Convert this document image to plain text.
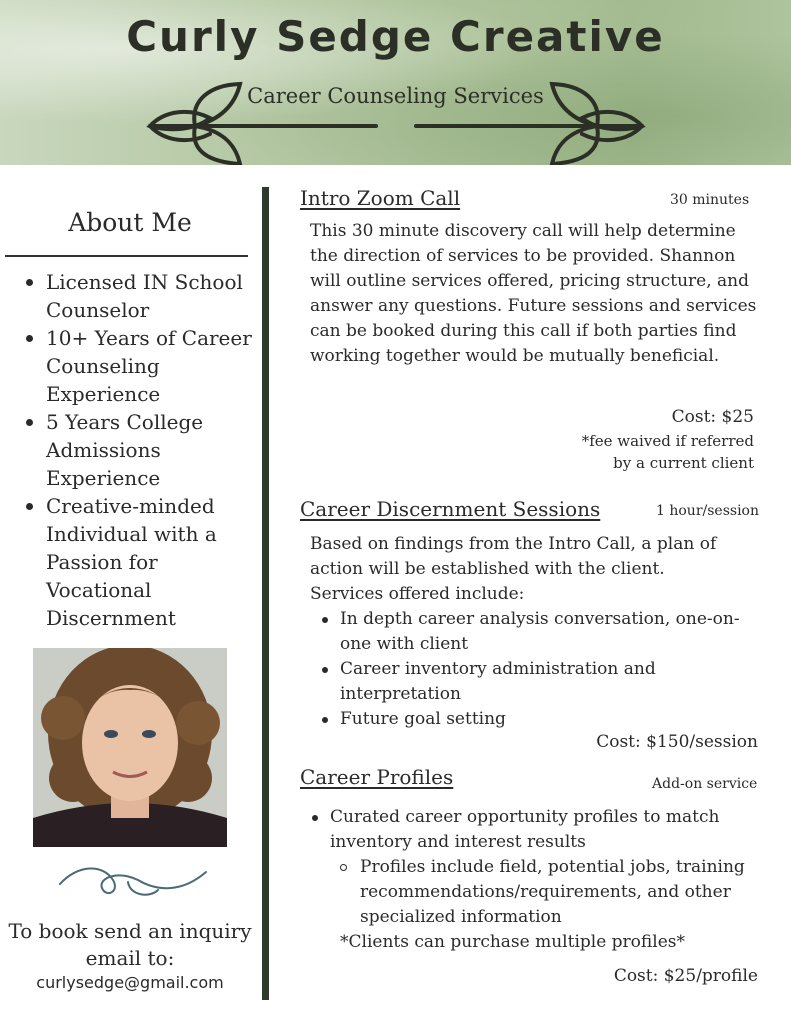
Curly Sedge Creative
Career Counseling Services
About Me
Licensed IN School Counselor
10+ Years of Career Counseling Experience
5 Years College Admissions Experience
Creative-minded Individual with a Passion for Vocational Discernment
To book send an inquiry email to:
curlysedge@gmail.com
Intro Zoom Call	30 minutes

This 30 minute discovery call will help determine the direction of services to be provided. Shannon will outline services offered, pricing structure, and answer any questions. Future sessions and services can be booked during this call if both parties find working together would be mutually beneficial.

Cost: $25
*fee waived if referred
by a current client
Career Discernment Sessions	1 hour/session

Based on findings from the Intro Call, a plan of action will be established with the client. Services offered include:

In depth career analysis conversation, one-on-one with client
Career inventory administration and interpretation
Future goal setting
Cost: $150/session
Career Profiles	Add-on service
Curated career opportunity profiles to match inventory and interest results
Profiles include field, potential jobs, training recommendations/requirements, and other specialized information
*Clients can purchase multiple profiles*
Cost: $25/profile
